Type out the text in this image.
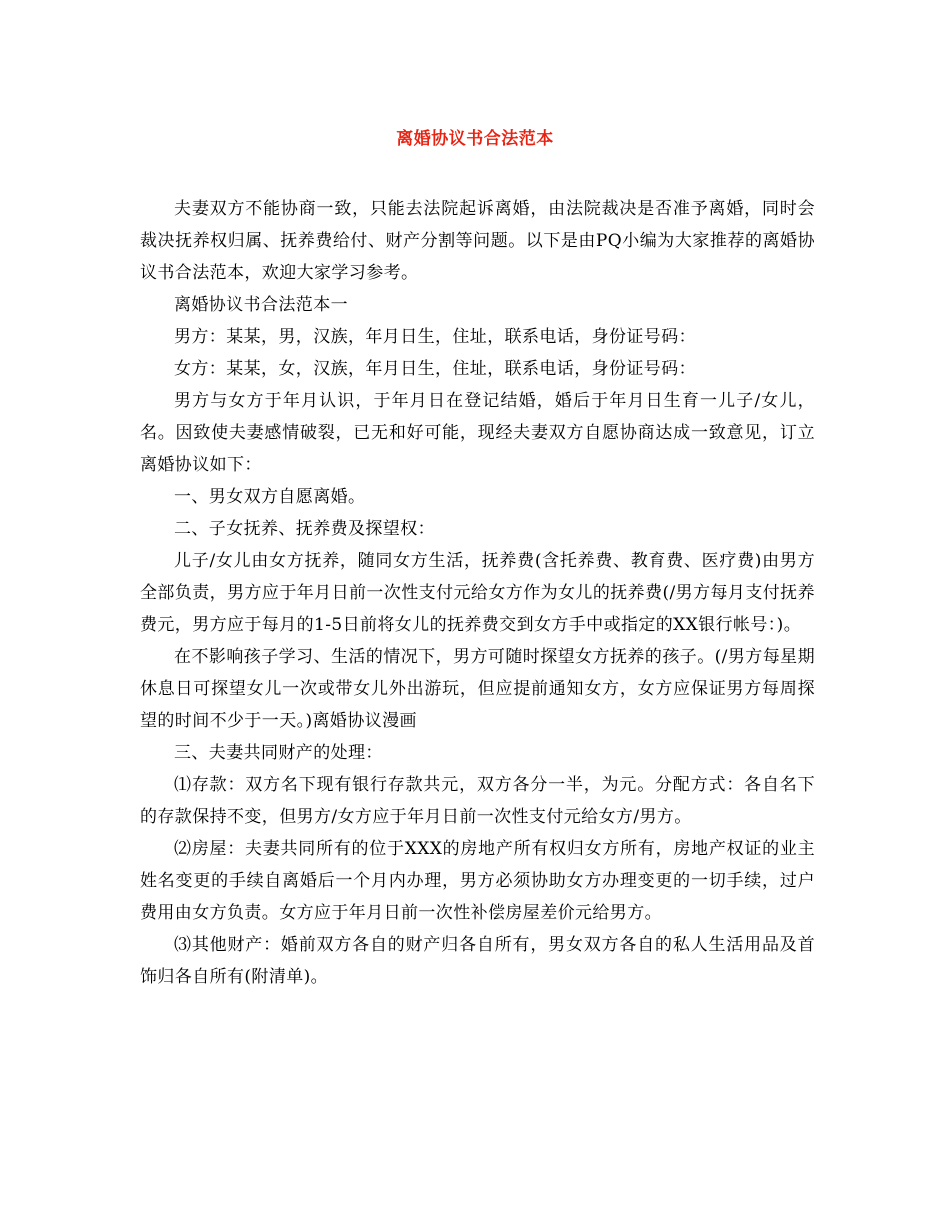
离婚协议书合法范本

夫妻双方不能协商一致，只能去法院起诉离婚，由法院裁决是否准予离婚，同时会裁决抚养权归属、抚养费给付、财产分割等问题。以下是由PQ小编为大家推荐的离婚协议书合法范本，欢迎大家学习参考。

离婚协议书合法范本一

男方：某某，男，汉族，年月日生，住址，联系电话，身份证号码：

女方：某某，女，汉族，年月日生，住址，联系电话，身份证号码：

男方与女方于年月认识，于年月日在登记结婚，婚后于年月日生育一儿子/女儿，名。因致使夫妻感情破裂，已无和好可能，现经夫妻双方自愿协商达成一致意见，订立离婚协议如下：

一、男女双方自愿离婚。

二、子女抚养、抚养费及探望权：

儿子/女儿由女方抚养，随同女方生活，抚养费(含托养费、教育费、医疗费)由男方全部负责，男方应于年月日前一次性支付元给女方作为女儿的抚养费(/男方每月支付抚养费元，男方应于每月的1-5日前将女儿的抚养费交到女方手中或指定的XX银行帐号：)。

在不影响孩子学习、生活的情况下，男方可随时探望女方抚养的孩子。(/男方每星期休息日可探望女儿一次或带女儿外出游玩，但应提前通知女方，女方应保证男方每周探望的时间不少于一天。)离婚协议漫画

三、夫妻共同财产的处理：

⑴存款：双方名下现有银行存款共元，双方各分一半，为元。分配方式：各自名下的存款保持不变，但男方/女方应于年月日前一次性支付元给女方/男方。

⑵房屋：夫妻共同所有的位于XXX的房地产所有权归女方所有，房地产权证的业主姓名变更的手续自离婚后一个月内办理，男方必须协助女方办理变更的一切手续，过户费用由女方负责。女方应于年月日前一次性补偿房屋差价元给男方。

⑶其他财产：婚前双方各自的财产归各自所有，男女双方各自的私人生活用品及首饰归各自所有(附清单)。
